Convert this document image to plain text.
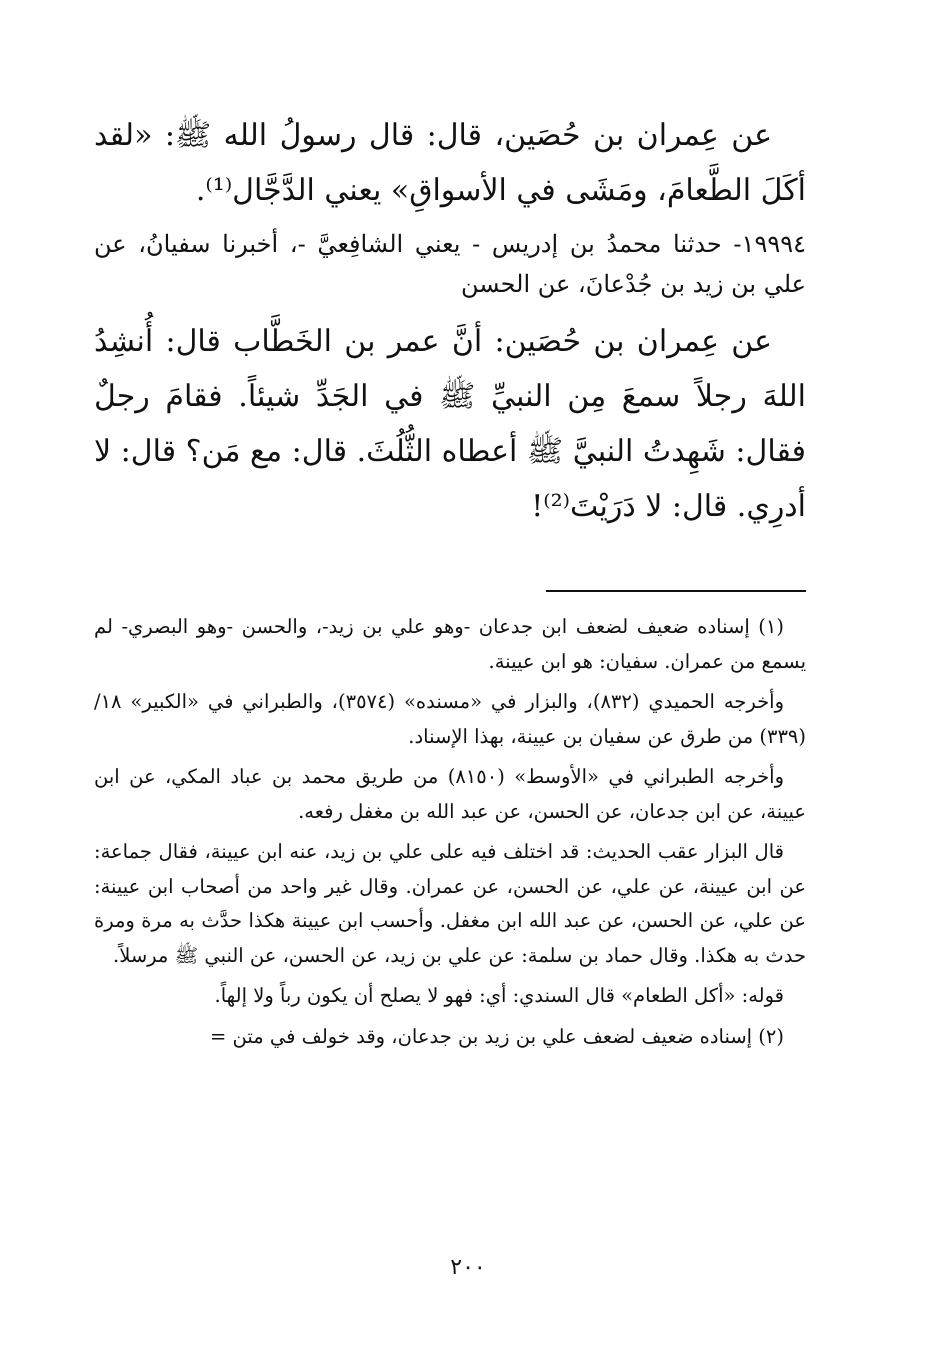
عن عِمران بن حُصَين، قال: قال رسولُ الله ﷺ: «لقد أكَلَ الطَّعامَ، ومَشَى في الأسواقِ» يعني الدَّجَّال⁽¹⁾.

١٩٩٩٤- حدثنا محمدُ بن إدريس - يعني الشافِعيَّ -، أخبرنا سفيانُ، عن علي بن زيد بن جُدْعانَ، عن الحسن

عن عِمران بن حُصَين: أنَّ عمر بن الخَطَّاب قال: أُنشِدُ اللهَ رجلاً سمعَ مِن النبيِّ ﷺ في الجَدِّ شيئاً. فقامَ رجلٌ فقال: شَهِدتُ النبيَّ ﷺ أعطاه الثُّلُثَ. قال: مع مَن؟ قال: لا أدرِي. قال: لا دَرَيْتَ⁽²⁾!

(١) إسناده ضعيف لضعف ابن جدعان -وهو علي بن زيد-، والحسن -وهو البصري- لم يسمع من عمران. سفيان: هو ابن عيينة.

وأخرجه الحميدي (٨٣٢)، والبزار في «مسنده» (٣٥٧٤)، والطبراني في «الكبير» ١٨/ (٣٣٩) من طرق عن سفيان بن عيينة، بهذا الإسناد.

وأخرجه الطبراني في «الأوسط» (٨١٥٠) من طريق محمد بن عباد المكي، عن ابن عيينة، عن ابن جدعان، عن الحسن، عن عبد الله بن مغفل رفعه.

قال البزار عقب الحديث: قد اختلف فيه على علي بن زيد، عنه ابن عيينة، فقال جماعة: عن ابن عيينة، عن علي، عن الحسن، عن عمران. وقال غير واحد من أصحاب ابن عيينة: عن علي، عن الحسن، عن عبد الله ابن مغفل. وأحسب ابن عيينة هكذا حدَّث به مرة ومرة حدث به هكذا. وقال حماد بن سلمة: عن علي بن زيد، عن الحسن، عن النبي ﷺ مرسلاً.

قوله: «أكل الطعام» قال السندي: أي: فهو لا يصلح أن يكون رباً ولا إلهاً.

(٢) إسناده ضعيف لضعف علي بن زيد بن جدعان، وقد خولف في متن =

٢٠٠
